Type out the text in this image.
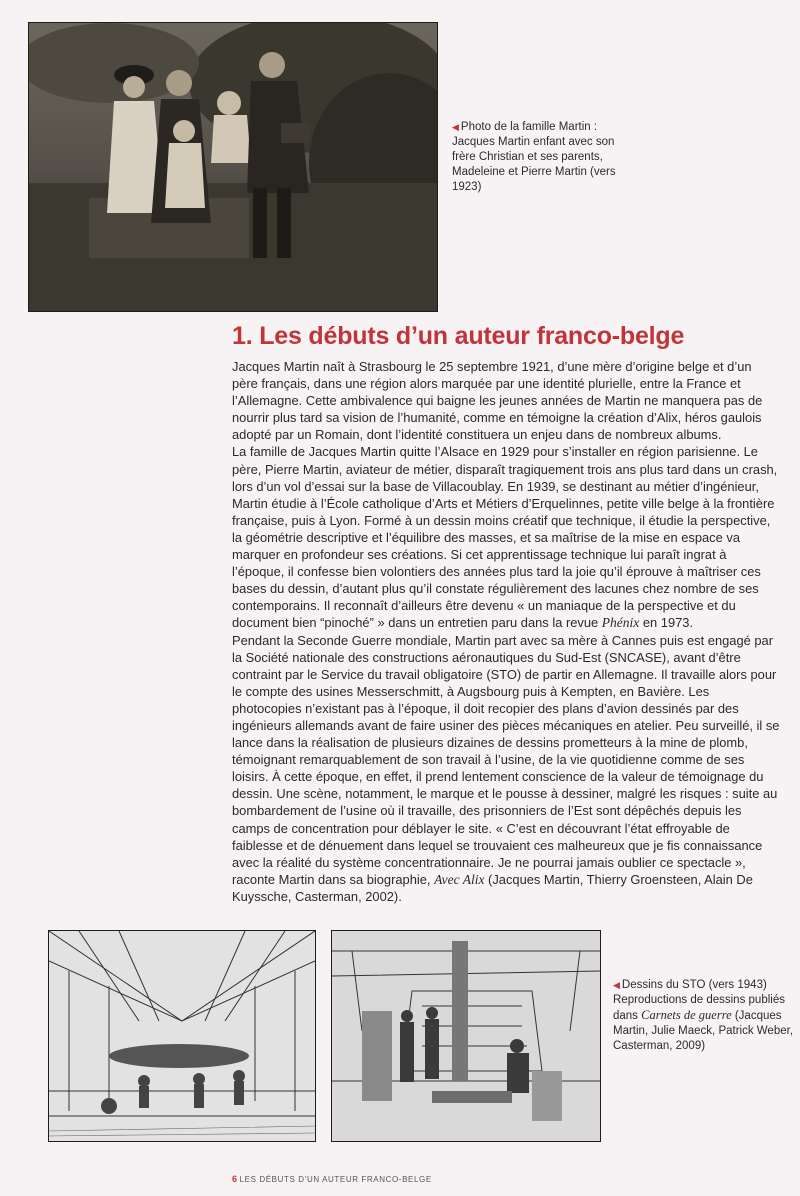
◀ Photo de la famille Martin : Jacques Martin enfant avec son frère Christian et ses parents, Madeleine et Pierre Martin (vers 1923)
1. Les débuts d’un auteur franco-belge

Jacques Martin naît à Strasbourg le 25 septembre 1921, d’une mère d’origine belge et d’un père français, dans une région alors marquée par une identité plurielle, entre la France et l’Allemagne. Cette ambivalence qui baigne les jeunes années de Martin ne manquera pas de nourrir plus tard sa vision de l’humanité, comme en témoigne la création d’Alix, héros gaulois adopté par un Romain, dont l’identité constituera un enjeu dans de nombreux albums.

La famille de Jacques Martin quitte l’Alsace en 1929 pour s’installer en région parisienne. Le père, Pierre Martin, aviateur de métier, disparaît tragiquement trois ans plus tard dans un crash, lors d’un vol d’essai sur la base de Villacoublay. En 1939, se destinant au métier d’ingénieur, Martin étudie à l’École catholique d’Arts et Métiers d’Erquelinnes, petite ville belge à la frontière française, puis à Lyon. Formé à un dessin moins créatif que technique, il étudie la perspective, la géométrie descriptive et l’équilibre des masses, et sa maîtrise de la mise en espace va marquer en profondeur ses créations. Si cet apprentissage technique lui paraît ingrat à l’époque, il confesse bien volontiers des années plus tard la joie qu’il éprouve à maîtriser ces bases du dessin, d’autant plus qu’il constate régulièrement des lacunes chez nombre de ses contemporains. Il reconnaît d’ailleurs être devenu « un maniaque de la perspective et du document bien “pinoché” » dans un entretien paru dans la revue Phénix en 1973.

Pendant la Seconde Guerre mondiale, Martin part avec sa mère à Cannes puis est engagé par la Société nationale des constructions aéronautiques du Sud-Est (SNCASE), avant d’être contraint par le Service du travail obligatoire (STO) de partir en Allemagne. Il travaille alors pour le compte des usines Messerschmitt, à Augsbourg puis à Kempten, en Bavière. Les photocopies n’existant pas à l’époque, il doit recopier des plans d’avion dessinés par des ingénieurs allemands avant de faire usiner des pièces mécaniques en atelier. Peu surveillé, il se lance dans la réalisation de plusieurs dizaines de dessins prometteurs à la mine de plomb, témoignant remarquablement de son travail à l’usine, de la vie quotidienne comme de ses loisirs. À cette époque, en effet, il prend lentement conscience de la valeur de témoignage du dessin. Une scène, notamment, le marque et le pousse à dessiner, malgré les risques : suite au bombardement de l’usine où il travaille, des prisonniers de l’Est sont dépêchés depuis les camps de concentration pour déblayer le site. « C’est en découvrant l’état effroyable de faiblesse et de dénuement dans lequel se trouvaient ces malheureux que je fis connaissance avec la réalité du système concentrationnaire. Je ne pourrai jamais oublier ce spectacle », raconte Martin dans sa biographie, Avec Alix (Jacques Martin, Thierry Groensteen, Alain De Kuyssche, Casterman, 2002).

◀ Dessins du STO (vers 1943) Reproductions de dessins publiés dans Carnets de guerre (Jacques Martin, Julie Maeck, Patrick Weber, Casterman, 2009)
6 LES DÉBUTS D’UN AUTEUR FRANCO-BELGE
